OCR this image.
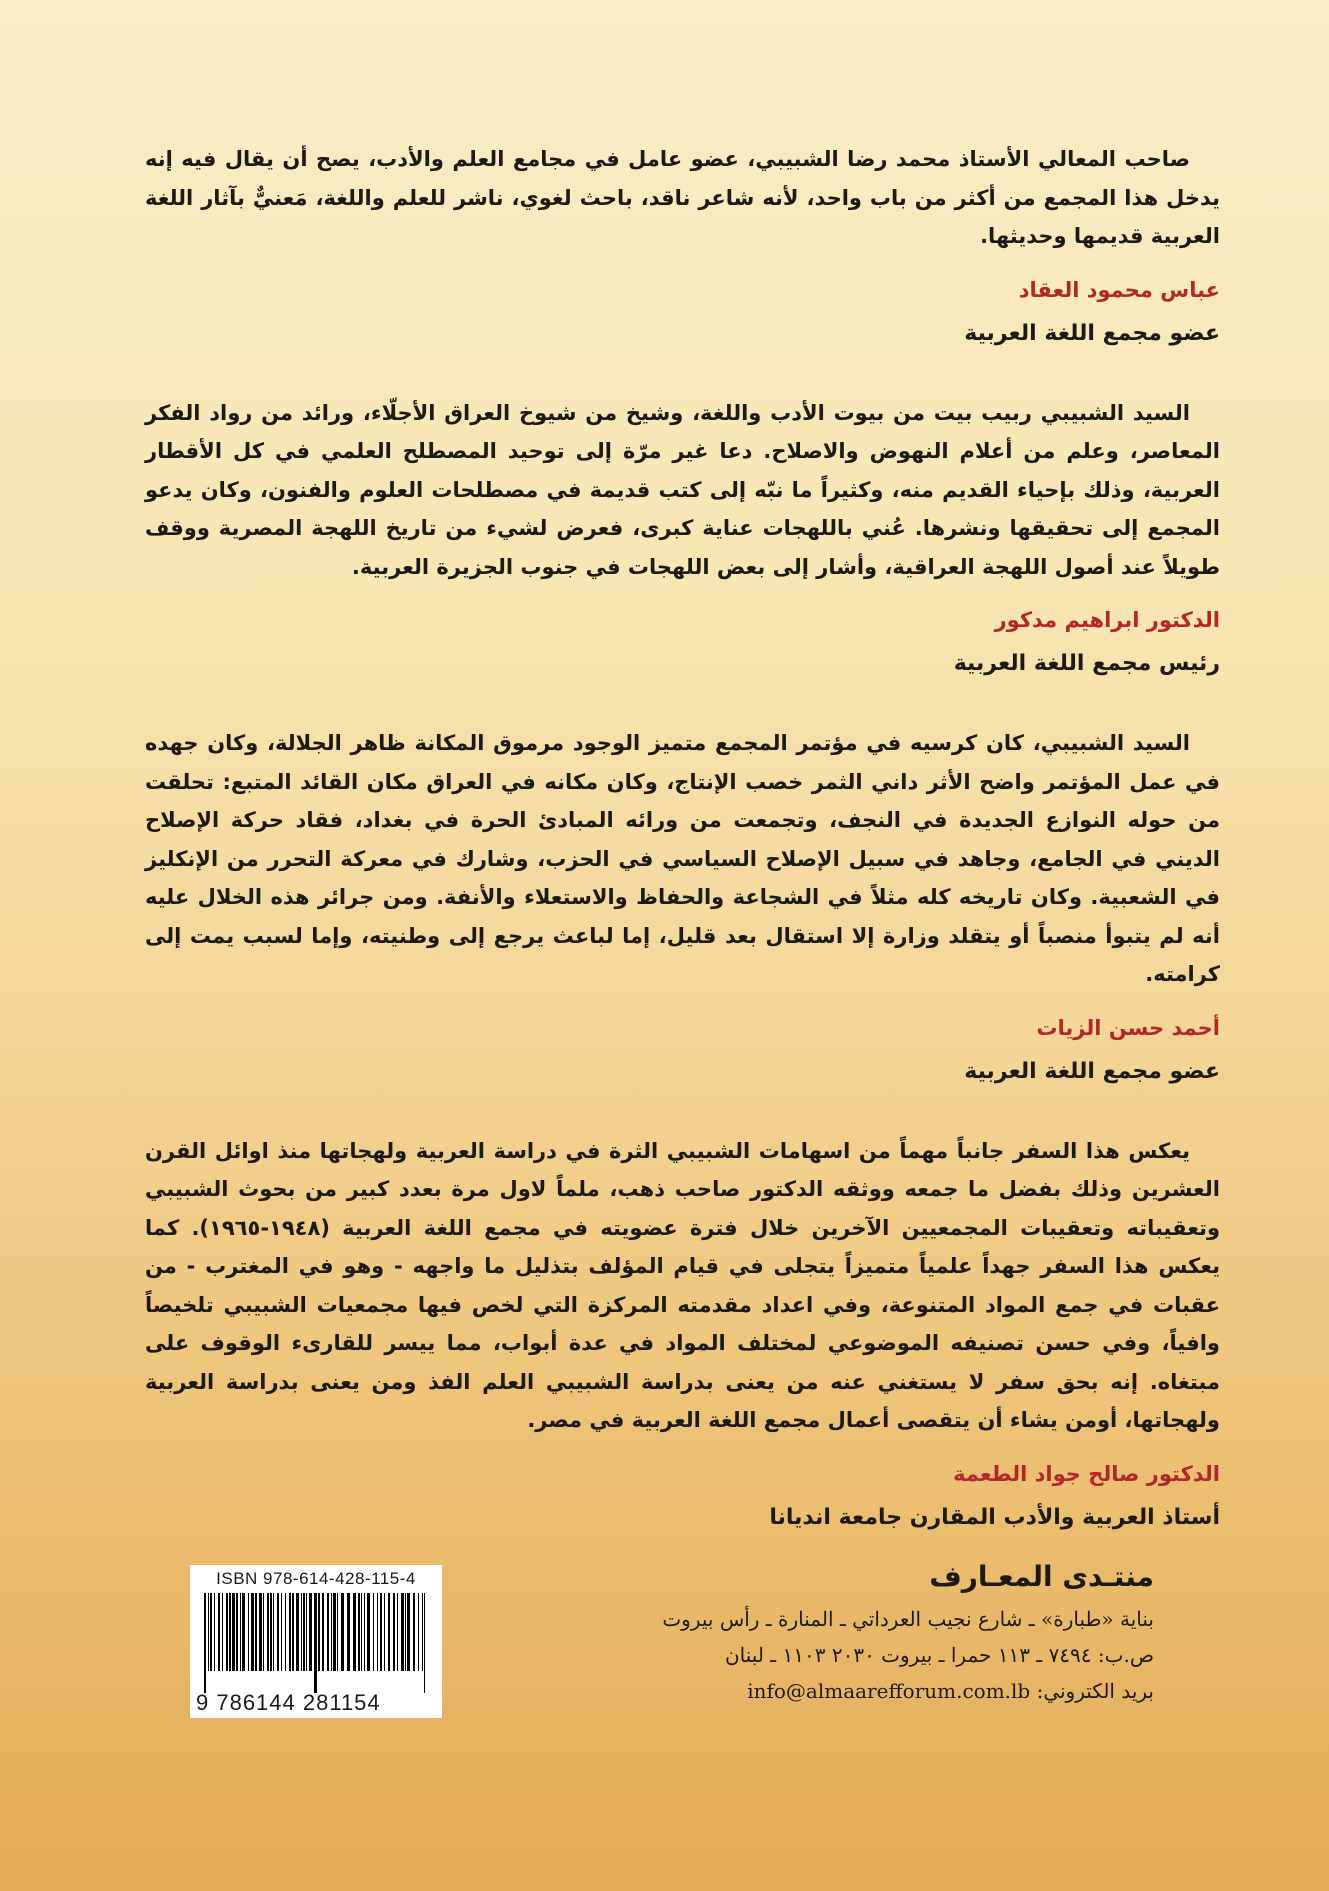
صاحب المعالي الأستاذ محمد رضا الشبيبي، عضو عامل في مجامع العلم والأدب، يصح أن يقال فيه إنه يدخل هذا المجمع من أكثر من باب واحد، لأنه شاعر ناقد، باحث لغوي، ناشر للعلم واللغة، مَعنيٌّ بآثار اللغة العربية قديمها وحديثها.

عباس محمود العقاد
عضو مجمع اللغة العربية

السيد الشبيبي ربيب بيت من بيوت الأدب واللغة، وشيخ من شيوخ العراق الأجلّاء، ورائد من رواد الفكر المعاصر، وعلم من أعلام النهوض والاصلاح. دعا غير مرّة إلى توحيد المصطلح العلمي في كل الأقطار العربية، وذلك بإحياء القديم منه، وكثيراً ما نبّه إلى كتب قديمة في مصطلحات العلوم والفنون، وكان يدعو المجمع إلى تحقيقها ونشرها. عُني باللهجات عناية كبرى، فعرض لشيء من تاريخ اللهجة المصرية ووقف طويلاً عند أصول اللهجة العراقية، وأشار إلى بعض اللهجات في جنوب الجزيرة العربية.

الدكتور ابراهيم مدكور
رئيس مجمع اللغة العربية

السيد الشبيبي، كان كرسيه في مؤتمر المجمع متميز الوجود مرموق المكانة ظاهر الجلالة، وكان جهده في عمل المؤتمر واضح الأثر داني الثمر خصب الإنتاج، وكان مكانه في العراق مكان القائد المتبع: تحلقت من حوله النوازع الجديدة في النجف، وتجمعت من ورائه المبادئ الحرة في بغداد، فقاد حركة الإصلاح الديني في الجامع، وجاهد في سبيل الإصلاح السياسي في الحزب، وشارك في معركة التحرر من الإنكليز في الشعبية. وكان تاريخه كله مثلاً في الشجاعة والحفاظ والاستعلاء والأنفة. ومن جرائر هذه الخلال عليه أنه لم يتبوأ منصباً أو يتقلد وزارة إلا استقال بعد قليل، إما لباعث يرجع إلى وطنيته، وإما لسبب يمت إلى كرامته.

أحمد حسن الزيات
عضو مجمع اللغة العربية

يعكس هذا السفر جانباً مهماً من اسهامات الشبيبي الثرة في دراسة العربية ولهجاتها منذ اوائل القرن العشرين وذلك بفضل ما جمعه ووثقه الدكتور صاحب ذهب، ملماً لاول مرة بعدد كبير من بحوث الشبيبي وتعقيباته وتعقيبات المجمعيين الآخرين خلال فترة عضويته في مجمع اللغة العربية (١٩٤٨-١٩٦٥). كما يعكس هذا السفر جهداً علمياً متميزاً يتجلى في قيام المؤلف بتذليل ما واجهه - وهو في المغترب - من عقبات في جمع المواد المتنوعة، وفي اعداد مقدمته المركزة التي لخص فيها مجمعيات الشبيبي تلخيصاً وافياً، وفي حسن تصنيفه الموضوعي لمختلف المواد في عدة أبواب، مما ييسر للقارىء الوقوف على مبتغاه. إنه بحق سفر لا يستغني عنه من يعنى بدراسة الشبيبي العلم الفذ ومن يعنى بدراسة العربية ولهجاتها، أومن يشاء أن يتقصى أعمال مجمع اللغة العربية في مصر.

الدكتور صالح جواد الطعمة
أستاذ العربية والأدب المقارن جامعة انديانا
ISBN 978-614-428-115-4
9 786144 281154
منتـدى المعـارف
بناية «طبارة» ـ شارع نجيب العرداتي ـ المنارة ـ رأس بيروت
ص.ب: ٧٤٩٤ ـ ١١٣ حمرا ـ بيروت ٢٠٣٠ ١١٠٣ ـ لبنان
بريد الكتروني: info@almaarefforum.com.lb
